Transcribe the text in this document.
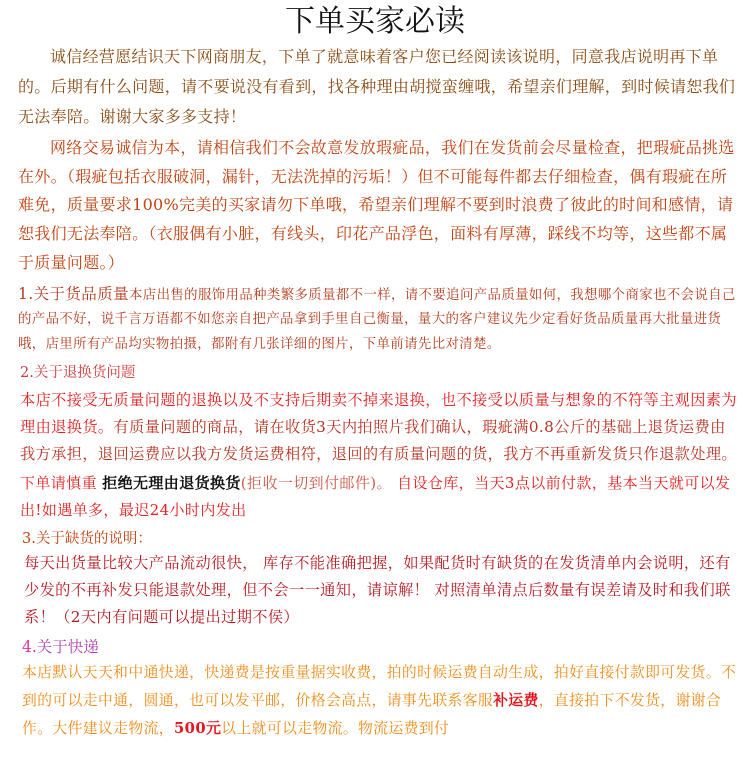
下单买家必读

诚信经营愿结识天下网商朋友，下单了就意味着客户您已经阅读该说明，同意我店说明再下单的。后期有什么问题，请不要说没有看到，找各种理由胡搅蛮缠哦，希望亲们理解，到时候请恕我们无法奉陪。谢谢大家多多支持！

网络交易诚信为本，请相信我们不会故意发放瑕疵品，我们在发货前会尽量检查，把瑕疵品挑选在外。（瑕疵包括衣服破洞，漏针，无法洗掉的污垢！）但不可能每件都去仔细检查，偶有瑕疵在所难免，质量要求100%完美的买家请勿下单哦，希望亲们理解不要到时浪费了彼此的时间和感情，请恕我们无法奉陪。（衣服偶有小脏，有线头，印花产品浮色，面料有厚薄，踩线不均等，这些都不属于质量问题。）

1.关于货品质量本店出售的服饰用品种类繁多质量都不一样，请不要追问产品质量如何，我想哪个商家也不会说自己的产品不好，说千言万语都不如您亲自把产品拿到手里自己衡量，量大的客户建议先少定看好货品质量再大批量进货哦，店里所有产品均实物拍摄，都附有几张详细的图片，下单前请先比对清楚。

2.关于退换货问题

本店不接受无质量问题的退换以及不支持后期卖不掉来退换，也不接受以质量与想象的不符等主观因素为理由退换货。有质量问题的商品，请在收货3天内拍照片我们确认，瑕疵满0.8公斤的基础上退货运费由我方承担，退回运费应以我方发货运费相符，退回的有质量问题的货，我方不再重新发货只作退款处理。

下单请慎重 拒绝无理由退货换货(拒收一切到付邮件)。 自设仓库，当天3点以前付款，基本当天就可以发出!如遇单多，最迟24小时内发出

3.关于缺货的说明：

每天出货量比较大产品流动很快， 库存不能准确把握，如果配货时有缺货的在发货清单内会说明，还有少发的不再补发只能退款处理，但不会一一通知，请谅解！ 对照清单清点后数量有误差请及时和我们联系！（2天内有问题可以提出过期不侯）

4.关于快递

本店默认天天和中通快递，快递费是按重量据实收费，拍的时候运费自动生成，拍好直接付款即可发货。不到的可以走中通，圆通，也可以发平邮，价格会高点，请事先联系客服补运费，直接拍下不发货，谢谢合作。大件建议走物流，500元以上就可以走物流。物流运费到付
